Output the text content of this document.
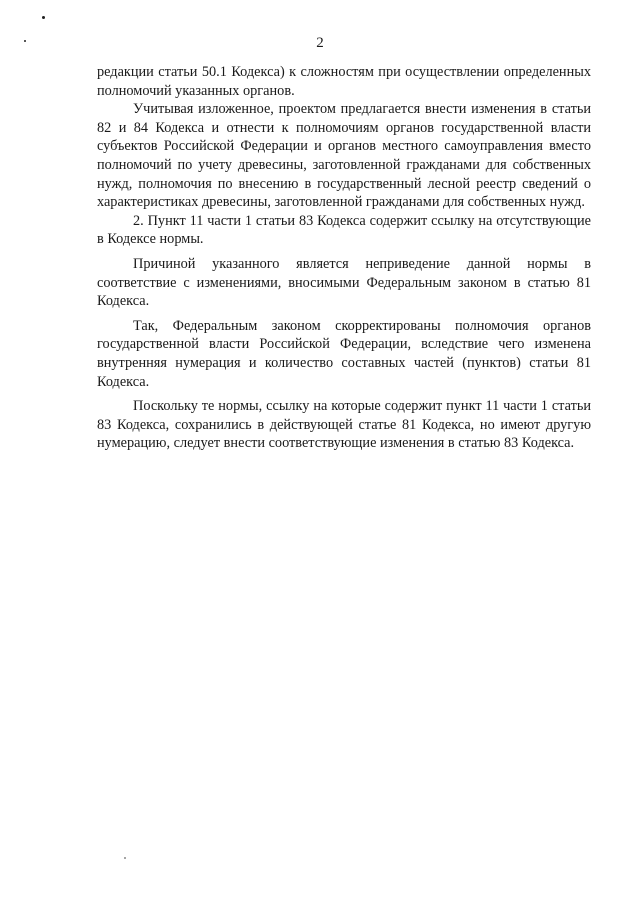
2

редакции статьи 50.1 Кодекса) к сложностям при осуществлении определенных полномочий указанных органов.

Учитывая изложенное, проектом предлагается внести изменения в статьи 82 и 84 Кодекса и отнести к полномочиям органов государственной власти субъектов Российской Федерации и органов местного самоуправления вместо полномочий по учету древесины, заготовленной гражданами для собственных нужд, полномочия по внесению в государственный лесной реестр сведений о характеристиках древесины, заготовленной гражданами для собственных нужд.

2. Пункт 11 части 1 статьи 83 Кодекса содержит ссылку на отсутствующие в Кодексе нормы.

Причиной указанного является неприведение данной нормы в соответствие с изменениями, вносимыми Федеральным законом в статью 81 Кодекса.

Так, Федеральным законом скорректированы полномочия органов государственной власти Российской Федерации, вследствие чего изменена внутренняя нумерация и количество составных частей (пунктов) статьи 81 Кодекса.

Поскольку те нормы, ссылку на которые содержит пункт 11 части 1 статьи 83 Кодекса, сохранились в действующей статье 81 Кодекса, но имеют другую нумерацию, следует внести соответствующие изменения в статью 83 Кодекса.
